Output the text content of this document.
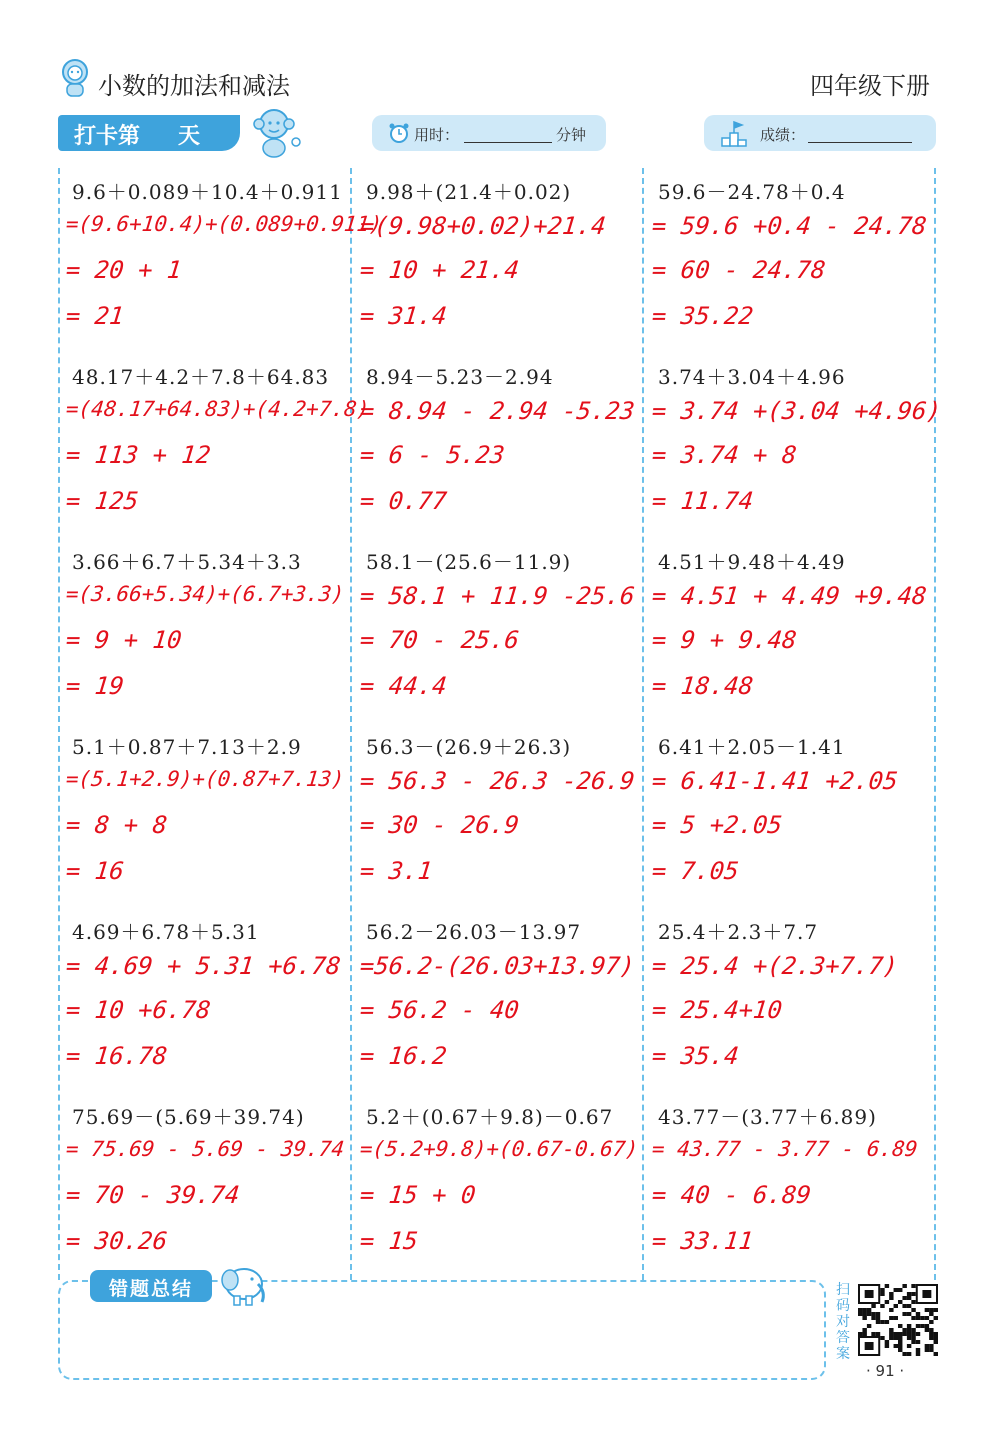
小数的加法和减法	四年级下册
打卡第 天	用时：	分钟	成绩：
9.6＋0.089＋10.4＋0.911
=(9.6+10.4)+(0.089+0.911)
= 20 + 1
= 21
9.98＋(21.4＋0.02)
=(9.98+0.02)+21.4
= 10 + 21.4
= 31.4
59.6－24.78＋0.4
= 59.6 +0.4 - 24.78
= 60 - 24.78
= 35.22
48.17＋4.2＋7.8＋64.83
=(48.17+64.83)+(4.2+7.8)
= 113 + 12
= 125
8.94－5.23－2.94
= 8.94 - 2.94 -5.23
= 6 - 5.23
= 0.77
3.74＋3.04＋4.96
= 3.74 +(3.04 +4.96)
= 3.74 + 8
= 11.74
3.66＋6.7＋5.34＋3.3
=(3.66+5.34)+(6.7+3.3)
= 9 + 10
= 19
58.1－(25.6－11.9)
= 58.1 + 11.9 -25.6
= 70 - 25.6
= 44.4
4.51＋9.48＋4.49
= 4.51 + 4.49 +9.48
= 9 + 9.48
= 18.48
5.1＋0.87＋7.13＋2.9
=(5.1+2.9)+(0.87+7.13)
= 8 + 8
= 16
56.3－(26.9＋26.3)
= 56.3 - 26.3 -26.9
= 30 - 26.9
= 3.1
6.41＋2.05－1.41
= 6.41-1.41 +2.05
= 5 +2.05
= 7.05
4.69＋6.78＋5.31
= 4.69 + 5.31 +6.78
= 10 +6.78
= 16.78
56.2－26.03－13.97
=56.2-(26.03+13.97)
= 56.2 - 40
= 16.2
25.4＋2.3＋7.7
= 25.4 +(2.3+7.7)
= 25.4+10
= 35.4
75.69－(5.69＋39.74)
= 75.69 - 5.69 - 39.74
= 70 - 39.74
= 30.26
5.2＋(0.67＋9.8)－0.67
=(5.2+9.8)+(0.67-0.67)
= 15 + 0
= 15
43.77－(3.77＋6.89)
= 43.77 - 3.77 - 6.89
= 40 - 6.89
= 33.11
错题总结	扫码对答案
· 91 ·
